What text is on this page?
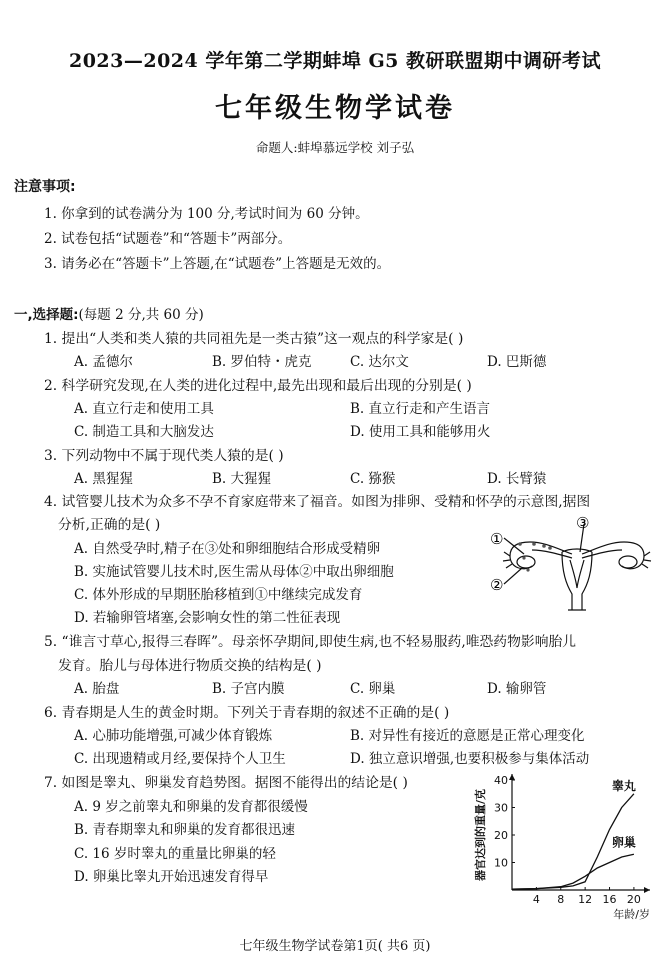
2023—2024 学年第二学期蚌埠 G5 教研联盟期中调研考试
七年级生物学试卷
命题人:蚌埠慕远学校 刘子弘
注意事项:
1. 你拿到的试卷满分为 100 分,考试时间为 60 分钟。
2. 试卷包括“试题卷”和“答题卡”两部分。
3. 请务必在“答题卡”上答题,在“试题卷”上答题是无效的。
一,选择题:(每题 2 分,共 60 分)
1. 提出“人类和类人猿的共同祖先是一类古猿”这一观点的科学家是( )
A. 孟德尔	B. 罗伯特・虎克	C. 达尔文	D. 巴斯德
2. 科学研究发现,在人类的进化过程中,最先出现和最后出现的分别是( )
A. 直立行走和使用工具	B. 直立行走和产生语言
C. 制造工具和大脑发达	D. 使用工具和能够用火
3. 下列动物中不属于现代类人猿的是( )
A. 黑猩猩	B. 大猩猩	C. 猕猴	D. 长臂猿
4. 试管婴儿技术为众多不孕不育家庭带来了福音。如图为排卵、受精和怀孕的示意图,据图
分析,正确的是( )
A. 自然受孕时,精子在③处和卵细胞结合形成受精卵
B. 实施试管婴儿技术时,医生需从母体②中取出卵细胞
C. 体外形成的早期胚胎移植到①中继续完成发育
D. 若输卵管堵塞,会影响女性的第二性征表现
①
②
③
5. “谁言寸草心,报得三春晖”。母亲怀孕期间,即使生病,也不轻易服药,唯恐药物影响胎儿
发育。胎儿与母体进行物质交换的结构是( )
A. 胎盘	B. 子宫内膜	C. 卵巢	D. 输卵管
6. 青春期是人生的黄金时期。下列关于青春期的叙述不正确的是( )
A. 心肺功能增强,可减少体育锻炼	B. 对异性有接近的意愿是正常心理变化
C. 出现遗精或月经,要保持个人卫生	D. 独立意识增强,也要积极参与集体活动
7. 如图是睾丸、卵巢发育趋势图。据图不能得出的结论是( )
A. 9 岁之前睾丸和卵巢的发育都很缓慢
B. 青春期睾丸和卵巢的发育都很迅速
C. 16 岁时睾丸的重量比卵巢的轻
D. 卵巢比睾丸开始迅速发育得早
4 8 12 16 20
10
20
30
40
年龄/岁
器官达到的重量/克
睾丸
卵巢
七年级生物学试卷第1页( 共6 页)
